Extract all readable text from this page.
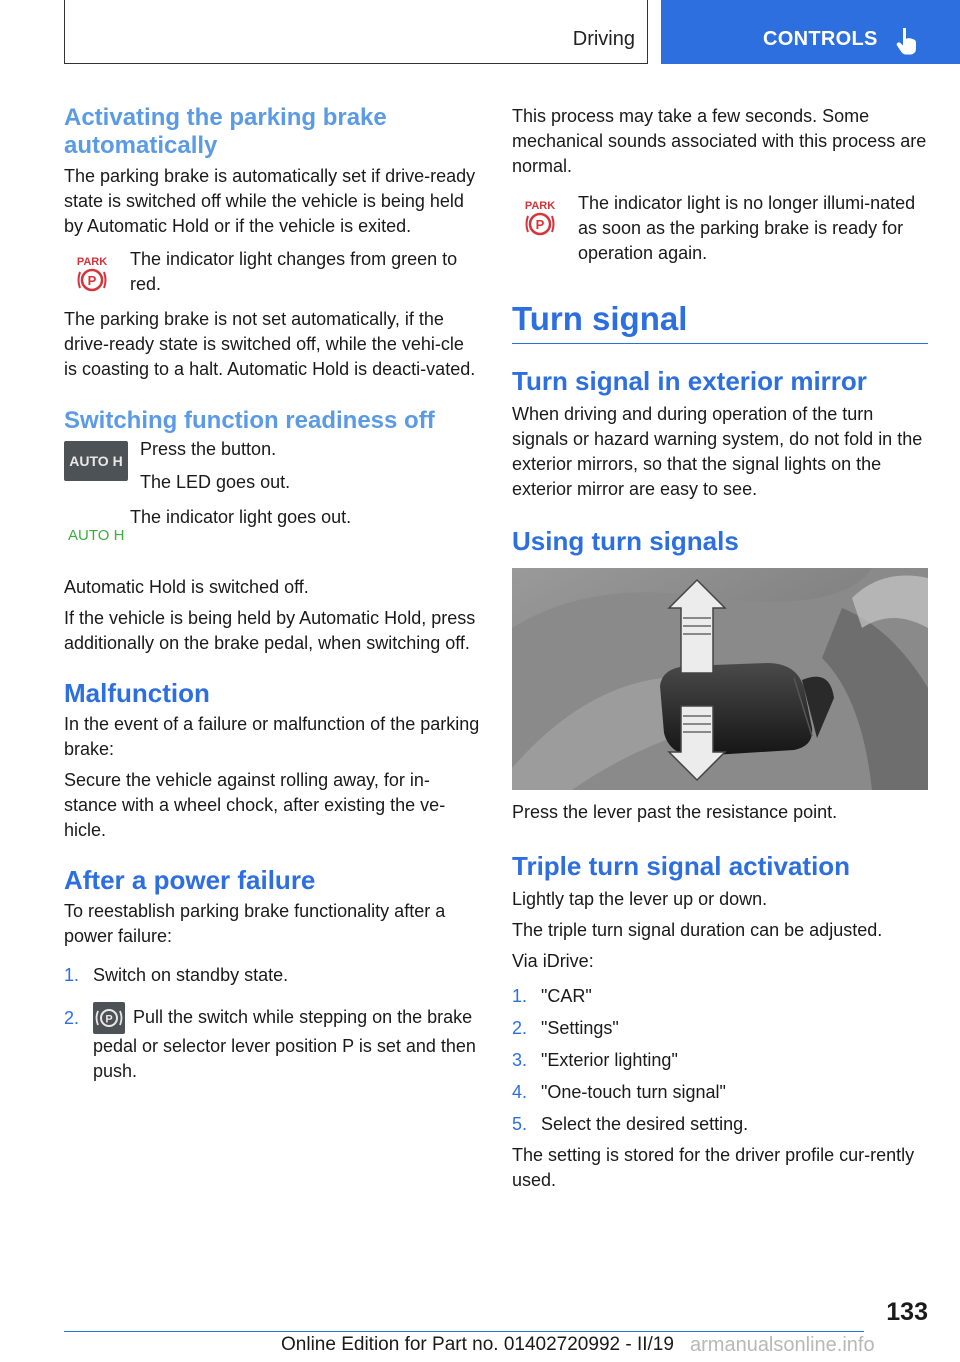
Driving	CONTROLS
Activating the parking brake automatically

The parking brake is automatically set if drive-ready state is switched off while the vehicle is being held by Automatic Hold or if the vehicle is exited.

PARK
P

The indicator light changes from green to red.

The parking brake is not set automatically, if the drive-ready state is switched off, while the vehi-cle is coasting to a halt. Automatic Hold is deacti-vated.

Switching function readiness off
AUTO H

Press the button.

The LED goes out.

AUTO H

The indicator light goes out.

Automatic Hold is switched off.

If the vehicle is being held by Automatic Hold, press additionally on the brake pedal, when switching off.

Malfunction

In the event of a failure or malfunction of the parking brake:

Secure the vehicle against rolling away, for in-stance with a wheel chock, after existing the ve-hicle.

After a power failure

To reestablish parking brake functionality after a power failure:

1. Switch on standby state.
2. P Pull the switch while stepping on the brake pedal or selector lever position P is set and then push.

This process may take a few seconds. Some mechanical sounds associated with this process are normal.

PARK
P

The indicator light is no longer illumi-nated as soon as the parking brake is ready for operation again.

Turn signal
Turn signal in exterior mirror

When driving and during operation of the turn signals or hazard warning system, do not fold in the exterior mirrors, so that the signal lights on the exterior mirror are easy to see.

Using turn signals

Press the lever past the resistance point.

Triple turn signal activation

Lightly tap the lever up or down.

The triple turn signal duration can be adjusted.

Via iDrive:

1. "CAR"
2. "Settings"
3. "Exterior lighting"
4. "One-touch turn signal"
5. Select the desired setting.

The setting is stored for the driver profile cur-rently used.

133
Online Edition for Part no. 01402720992 - II/19 armanualsonline.info
